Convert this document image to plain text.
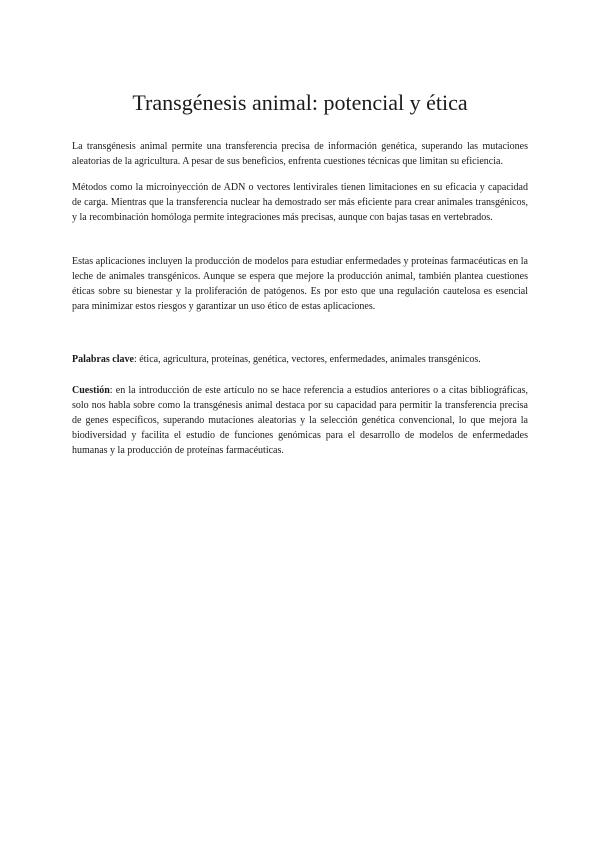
Transgénesis animal: potencial y ética

La transgénesis animal permite una transferencia precisa de información genética, superando las mutaciones aleatorias de la agricultura. A pesar de sus beneficios, enfrenta cuestiones técnicas que limitan su eficiencia.

Métodos como la microinyección de ADN o vectores lentivirales tienen limitaciones en su eficacia y capacidad de carga. Mientras que la transferencia nuclear ha demostrado ser más eficiente para crear animales transgénicos, y la recombinación homóloga permite integraciones más precisas, aunque con bajas tasas en vertebrados.

Estas aplicaciones incluyen la producción de modelos para estudiar enfermedades y proteínas farmacéuticas en la leche de animales transgénicos. Aunque se espera que mejore la producción animal, también plantea cuestiones éticas sobre su bienestar y la proliferación de patógenos. Es por esto que una regulación cautelosa es esencial para minimizar estos riesgos y garantizar un uso ético de estas aplicaciones.

Palabras clave: ética, agricultura, proteínas, genética, vectores, enfermedades, animales transgénicos.

Cuestión: en la introducción de este artículo no se hace referencia a estudios anteriores o a citas bibliográficas, solo nos habla sobre como la transgénesis animal destaca por su capacidad para permitir la transferencia precisa de genes específicos, superando mutaciones aleatorias y la selección genética convencional, lo que mejora la biodiversidad y facilita el estudio de funciones genómicas para el desarrollo de modelos de enfermedades humanas y la producción de proteínas farmacéuticas.
